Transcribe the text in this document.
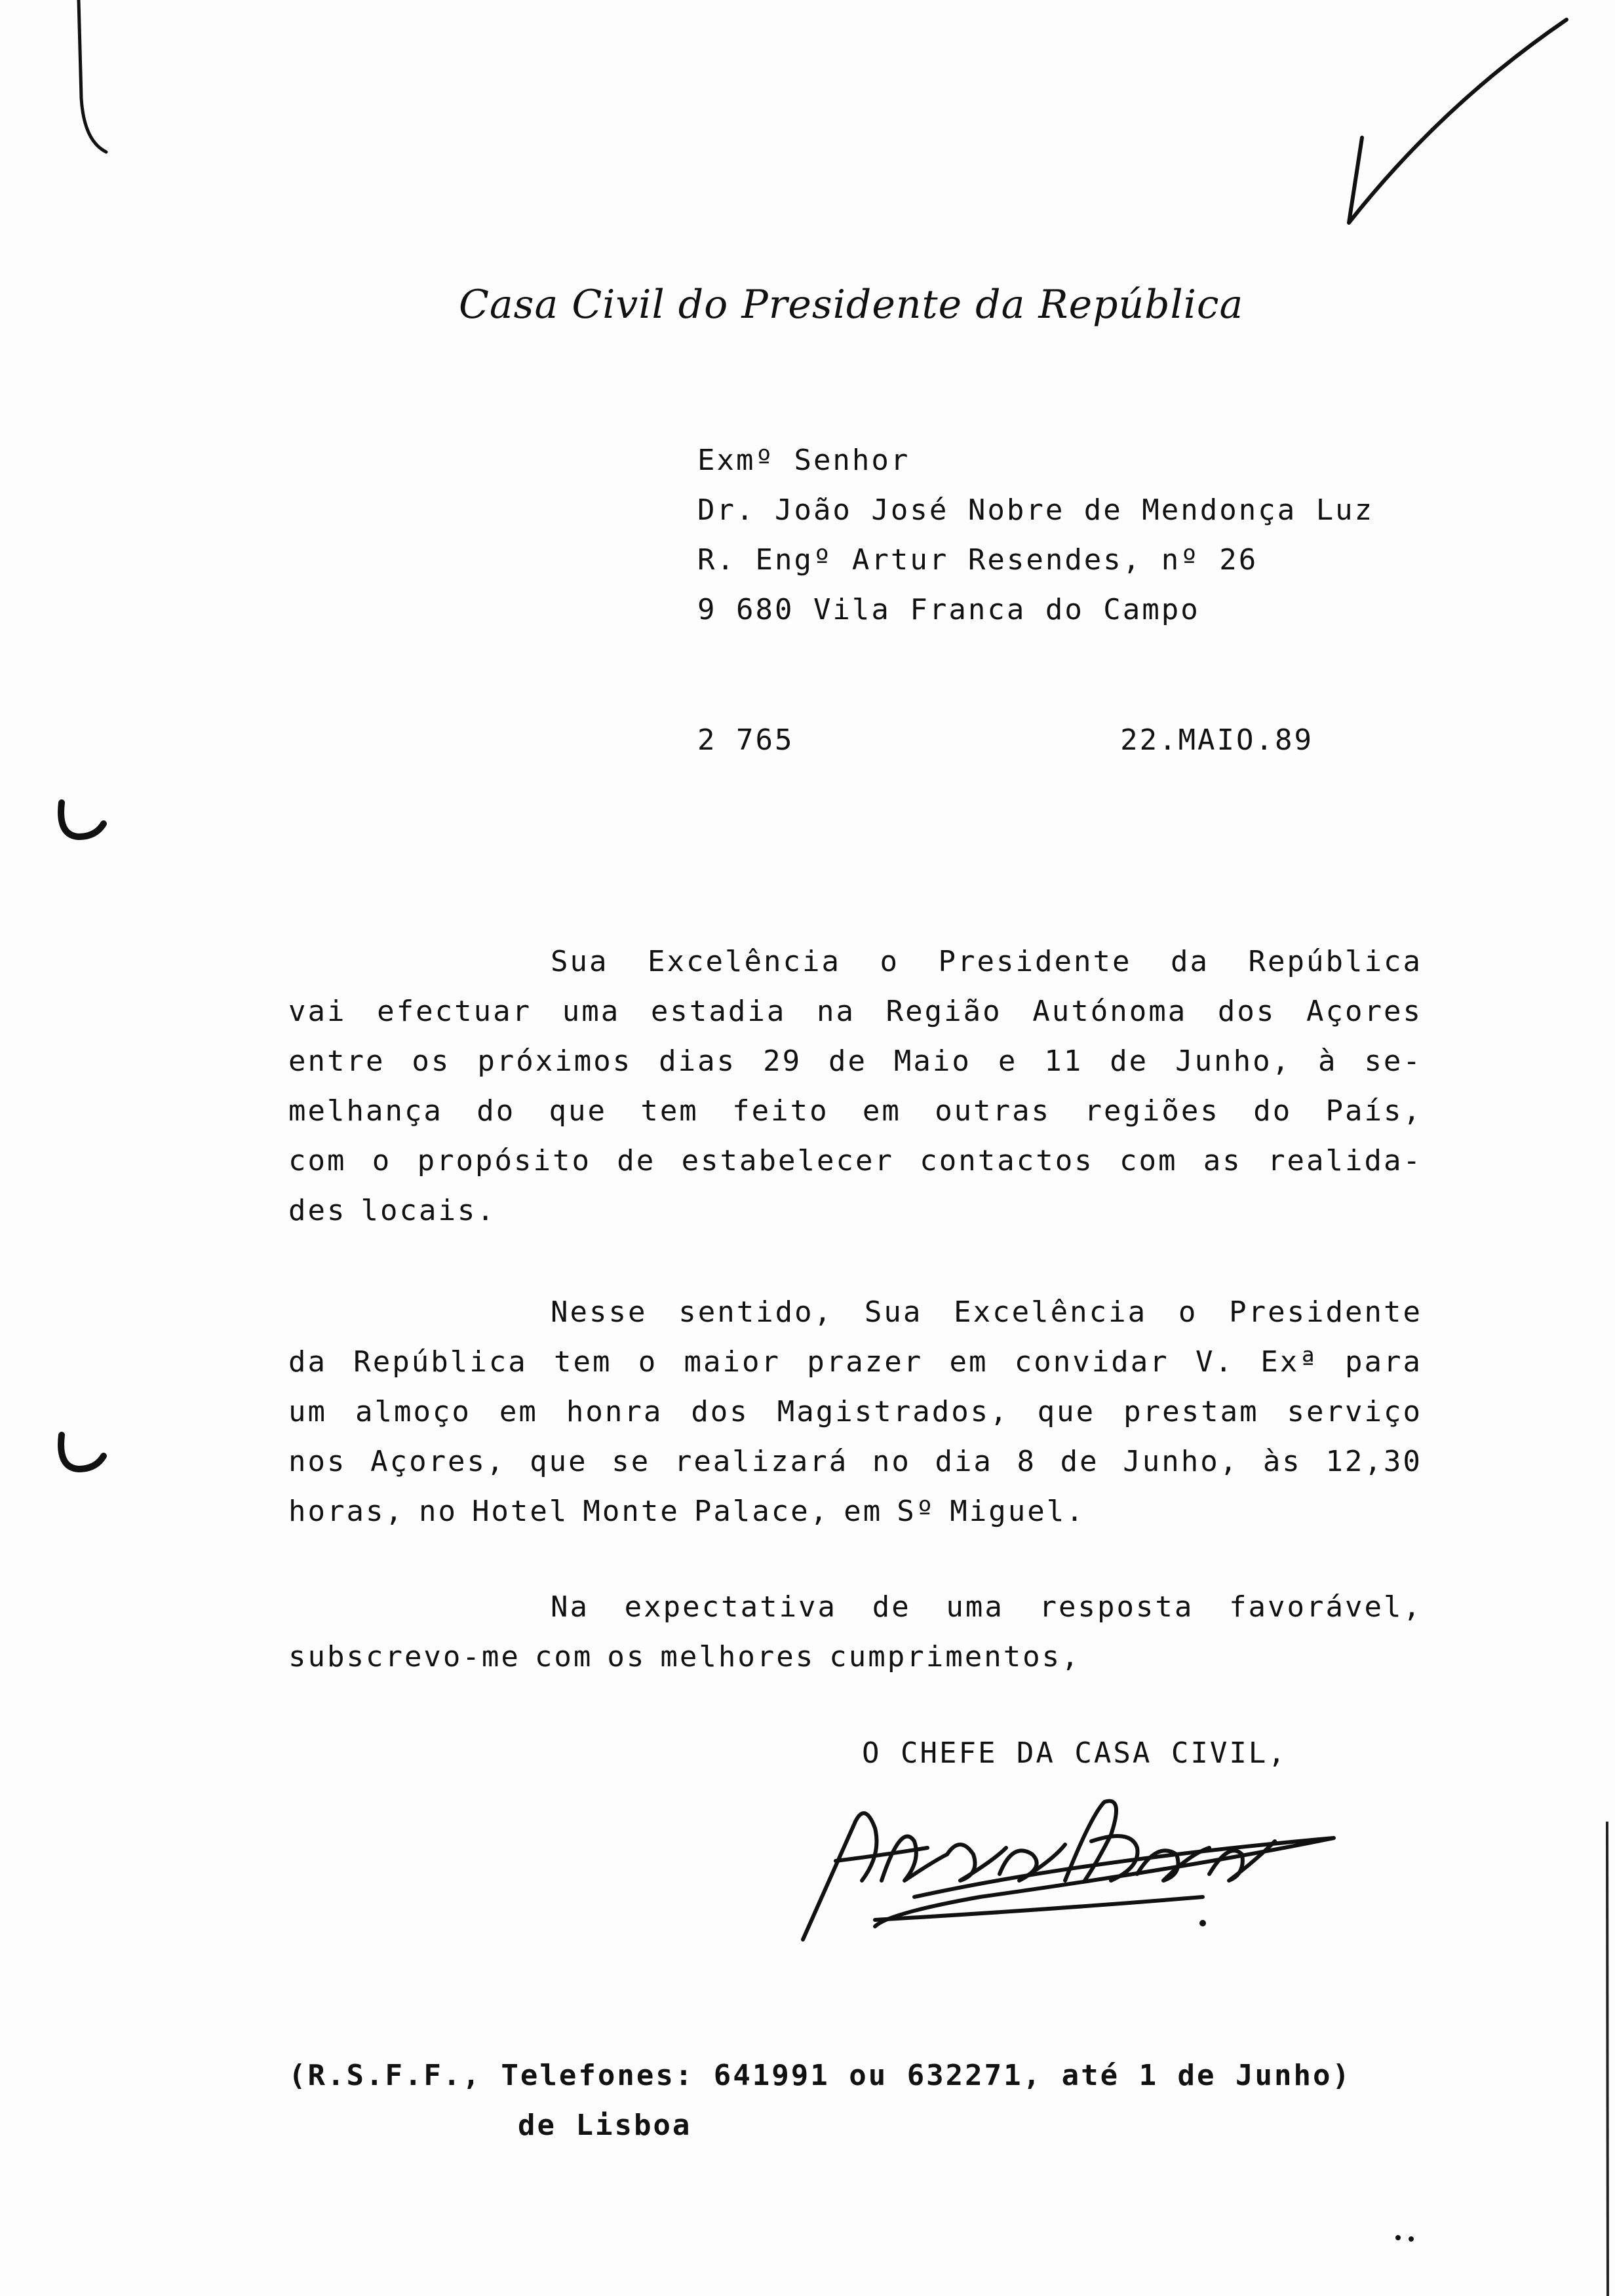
Casa Civil do Presidente da República
Exmº Senhor
Dr. João José Nobre de Mendonça Luz
R. Engº Artur Resendes, nº 26
9 680 Vila Franca do Campo
2 765	22.MAIO.89
Sua Excelência o Presidente da República
vai efectuar uma estadia na Região Autónoma dos Açores
entre os próximos dias 29 de Maio e 11 de Junho, à se-
melhança do que tem feito em outras regiões do País,
com o propósito de estabelecer contactos com as realida-
des locais.
Nesse sentido, Sua Excelência o Presidente
da República tem o maior prazer em convidar V. Exª para
um almoço em honra dos Magistrados, que prestam serviço
nos Açores, que se realizará no dia 8 de Junho, às 12,30
horas, no Hotel Monte Palace, em Sº Miguel.
Na expectativa de uma resposta favorável,
subscrevo-me com os melhores cumprimentos,
O CHEFE DA CASA CIVIL,
(R.S.F.F., Telefones: 641991 ou 632271, até 1 de Junho)
de Lisboa
